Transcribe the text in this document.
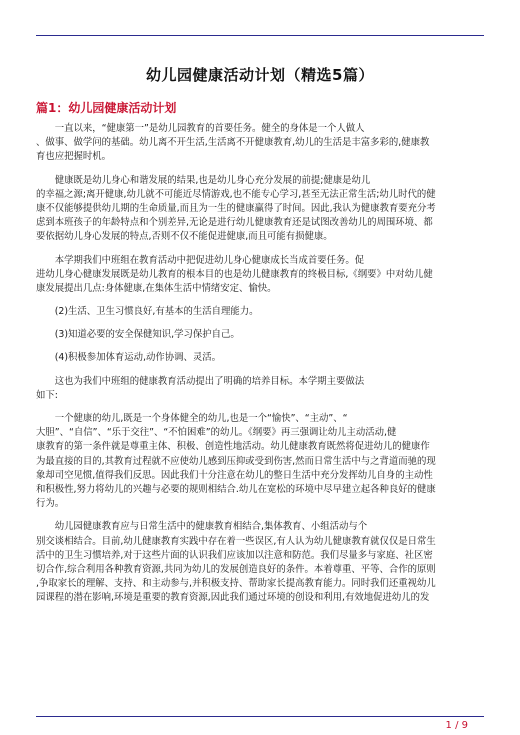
幼儿园健康活动计划（精选5篇）
篇1：幼儿园健康活动计划
　　一直以来，“健康第一”是幼儿园教育的首要任务。健全的身体是一个人做人
、做事、做学问的基础。幼儿离不开生活,生活离不开健康教育,幼儿的生活是丰富多彩的,健康教
育也应把握时机。
　　健康既是幼儿身心和谐发展的结果,也是幼儿身心充分发展的前提;健康是幼儿
的幸福之源;离开健康,幼儿就不可能近尽情游戏,也不能专心学习,甚至无法正常生活;幼儿时代的健
康不仅能够提供幼儿期的生命质量,而且为一生的健康赢得了时间。因此,我认为健康教育要充分考
虑到本班孩子的年龄特点和个别差异,无论是进行幼儿健康教育还是试图改善幼儿的周围环境、都
要依据幼儿身心发展的特点,否则不仅不能促进健康,而且可能有损健康。
　　本学期我们中班组在教育活动中把促进幼儿身心健康成长当成首要任务。促
进幼儿身心健康发展既是幼儿教育的根本目的也是幼儿健康教育的终极目标,《纲要》中对幼儿健
康发展提出几点:身体健康,在集体生活中情绪安定、愉快。
　　(2)生活、卫生习惯良好,有基本的生活自理能力。
　　(3)知道必要的安全保健知识,学习保护自己。
　　(4)积极参加体育运动,动作协调、灵活。
　　这也为我们中班组的健康教育活动提出了明确的培养目标。本学期主要做法
如下:
　　一个健康的幼儿,既是一个身体健全的幼儿,也是一个“愉快”、“主动”、“
大胆”、“自信”、“乐于交往”、“不怕困难”的幼儿。《纲要》再三强调让幼儿主动活动,健
康教育的第一条件就是尊重主体、积极、创造性地活动。幼儿健康教育既然将促进幼儿的健康作
为最直接的目的,其教育过程就不应使幼儿感到压抑或受到伤害,然而日常生活中与之背道而驰的现
象却司空见惯,值得我们反思。因此我们十分注意在幼儿的整日生活中充分发挥幼儿自身的主动性
和积极性,努力将幼儿的兴趣与必要的规则相结合.幼儿在宽松的环境中尽早建立起各种良好的健康
行为。
　　幼儿园健康教育应与日常生活中的健康教育相结合,集体教育、小组活动与个
别交谈相结合。目前,幼儿健康教育实践中存在着一些误区,有人认为幼儿健康教育就仅仅是日常生
活中的卫生习惯培养,对于这些片面的认识我们应该加以注意和防范。我们尽量多与家庭、社区密
切合作,综合利用各种教育资源,共同为幼儿的发展创造良好的条件。本着尊重、平等、合作的原则
,争取家长的理解、支持、和主动参与,并积极支持、帮助家长提高教育能力。同时我们还重视幼儿
园课程的潜在影响,环境是重要的教育资源,因此我们通过环境的创设和利用,有效地促进幼儿的发
1 / 9
